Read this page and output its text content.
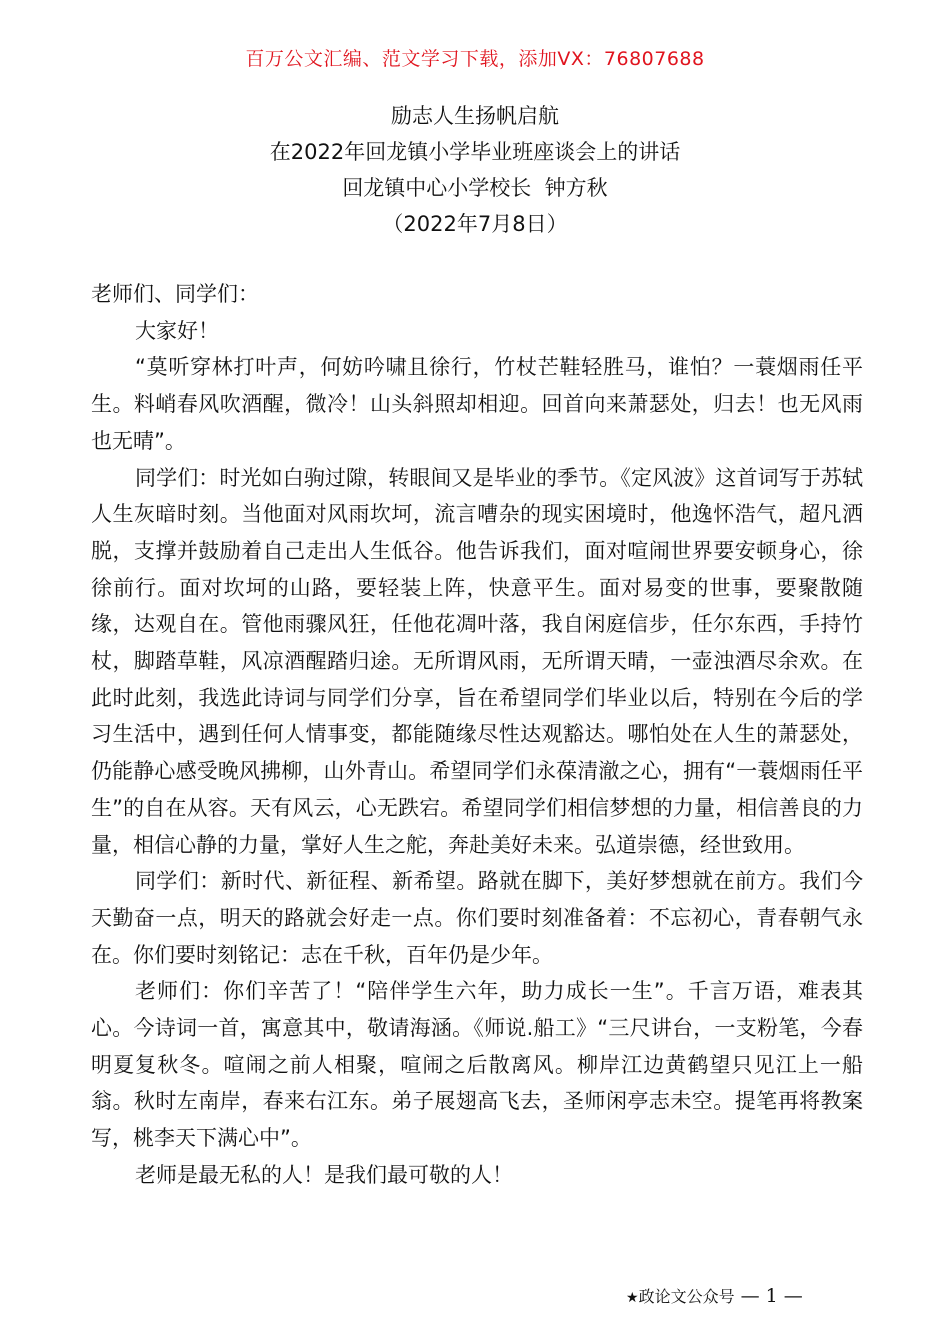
百万公文汇编、范文学习下载，添加VX：76807688
励志人生扬帆启航
在2022年回龙镇小学毕业班座谈会上的讲话
回龙镇中心小学校长  钟方秋
（2022年7月8日）

老师们、同学们：

大家好！

“莫听穿林打叶声，何妨吟啸且徐行，竹杖芒鞋轻胜马，谁怕？一蓑烟雨任平生。料峭春风吹酒醒，微冷！山头斜照却相迎。回首向来萧瑟处，归去！也无风雨也无晴”。

同学们：时光如白驹过隙，转眼间又是毕业的季节。《定风波》这首词写于苏轼人生灰暗时刻。当他面对风雨坎坷，流言嘈杂的现实困境时，他逸怀浩气，超凡洒脱，支撑并鼓励着自己走出人生低谷。他告诉我们，面对喧闹世界要安顿身心，徐徐前行。面对坎坷的山路，要轻装上阵，快意平生。面对易变的世事，要聚散随缘，达观自在。管他雨骤风狂，任他花凋叶落，我自闲庭信步，任尔东西，手持竹杖，脚踏草鞋，风凉酒醒踏归途。无所谓风雨，无所谓天晴，一壶浊酒尽余欢。在此时此刻，我选此诗词与同学们分享，旨在希望同学们毕业以后，特别在今后的学习生活中，遇到任何人情事变，都能随缘尽性达观豁达。哪怕处在人生的萧瑟处，仍能静心感受晚风拂柳，山外青山。希望同学们永葆清澈之心，拥有“一蓑烟雨任平生”的自在从容。天有风云，心无跌宕。希望同学们相信梦想的力量，相信善良的力量，相信心静的力量，掌好人生之舵，奔赴美好未来。弘道崇德，经世致用。

同学们：新时代、新征程、新希望。路就在脚下，美好梦想就在前方。我们今天勤奋一点，明天的路就会好走一点。你们要时刻准备着：不忘初心，青春朝气永在。你们要时刻铭记：志在千秋，百年仍是少年。

老师们：你们辛苦了！“陪伴学生六年，助力成长一生”。千言万语，难表其心。今诗词一首，寓意其中，敬请海涵。《师说.船工》“三尺讲台，一支粉笔，今春明夏复秋冬。喧闹之前人相聚，喧闹之后散离风。柳岸江边黄鹤望只见江上一船翁。秋时左南岸，春来右江东。弟子展翅高飞去，圣师闲亭志未空。提笔再将教案写，桃李天下满心中”。

老师是最无私的人！是我们最可敬的人！

★政论文公众号 — 1 —
